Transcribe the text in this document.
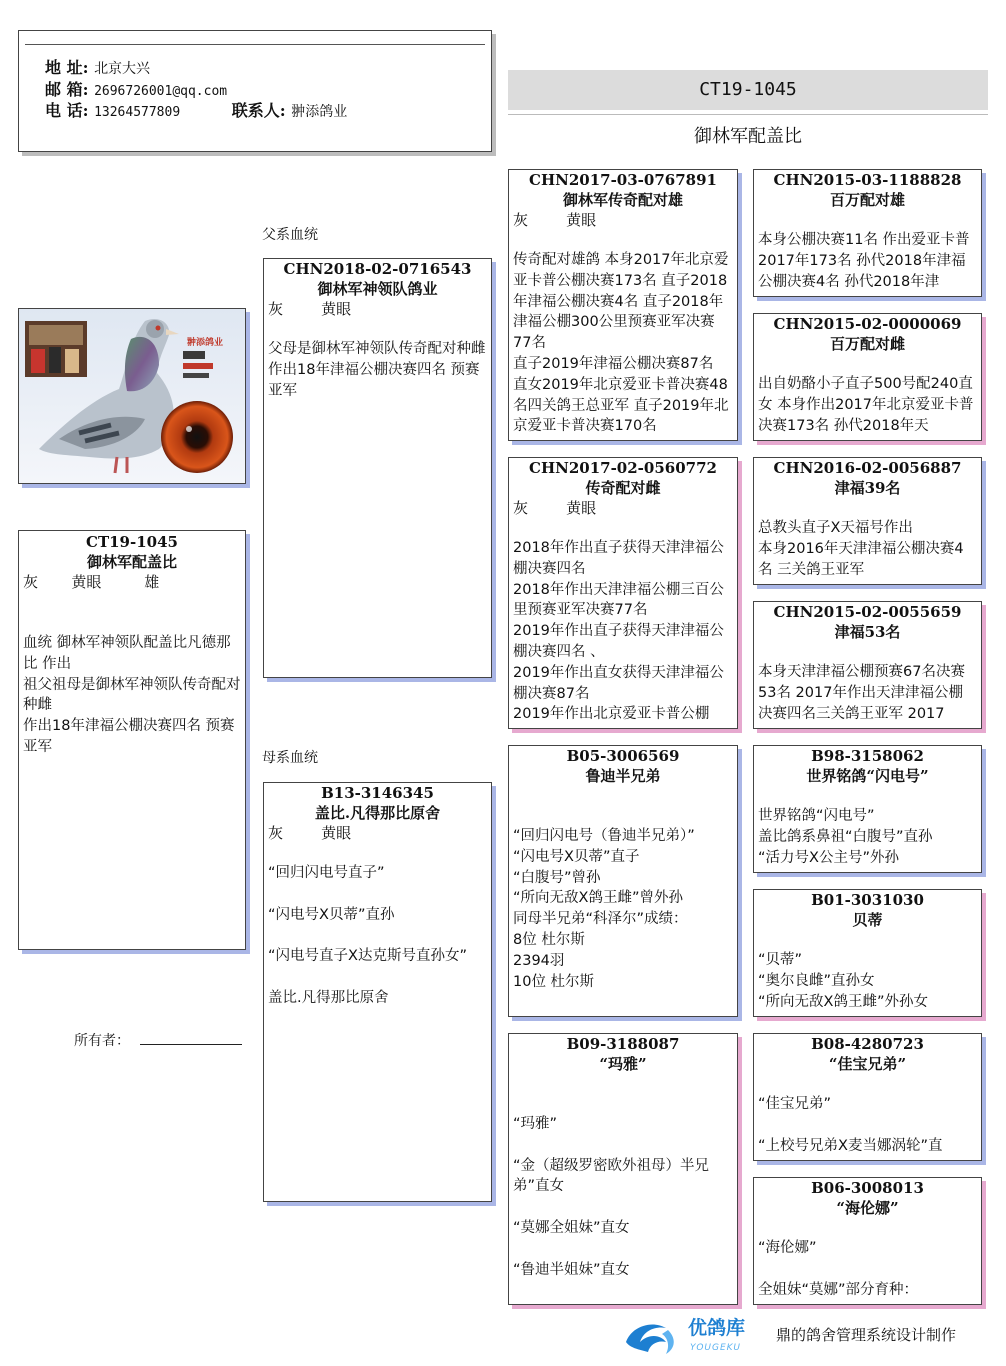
地 址: 北京大兴
邮 箱: 2696726001@qq.com
电 话: 13264577809	联系人: 翀添鸽业
CT19-1045
御林军配盖比
翀添鸽业
CT19-1045
御林军配盖比
灰       黄眼         雄
血统 御林军神领队配盖比凡德那比 作出
祖父祖母是御林军神领队传奇配对种雌
作出18年津福公棚决赛四名 预赛亚军
所有者：
父系血统
母系血统
CHN2018-02-0716543
御林军神领队鸽业
灰        黄眼
父母是御林军神领队传奇配对种雌
作出18年津福公棚决赛四名 预赛亚军
B13-3146345
盖比.凡得那比原舍
灰        黄眼
“回归闪电号直子”

“闪电号X贝蒂”直孙

“闪电号直子X达克斯号直孙女”

盖比.凡得那比原舍
CHN2017-03-0767891
御林军传奇配对雄
灰        黄眼
传奇配对雄鸽 本身2017年北京爱亚卡普公棚决赛173名 直子2018年津福公棚决赛4名 直子2018年津福公棚300公里预赛亚军决赛77名
直子2019年津福公棚决赛87名
直女2019年北京爱亚卡普决赛48名四关鸽王总亚军 直子2019年北京爱亚卡普决赛170名
CHN2017-02-0560772
传奇配对雌
灰        黄眼
2018年作出直子获得天津津福公棚决赛四名
2018年作出天津津福公棚三百公里预赛亚军决赛77名
2019年作出直子获得天津津福公棚决赛四名 、
2019年作出直女获得天津津福公棚决赛87名
2019年作出北京爱亚卡普公棚
B05-3006569
鲁迪半兄弟
“回归闪电号（鲁迪半兄弟）”
“闪电号X贝蒂”直子
“白腹号”曾孙
“所向无敌X鸽王雌”曾外孙
同母半兄弟“科泽尔”成绩：
8位 杜尔斯
2394羽
10位 杜尔斯
B09-3188087
“玛雅”
“玛雅”

“金（超级罗密欧外祖母）半兄弟”直女

“莫娜全姐妹”直女

“鲁迪半姐妹”直女
CHN2015-03-1188828
百万配对雄
本身公棚决赛11名 作出爱亚卡普2017年173名 孙代2018年津福公棚决赛4名 孙代2018年津
CHN2015-02-0000069
百万配对雌
出自奶酪小子直子500号配240直女 本身作出2017年北京爱亚卡普决赛173名 孙代2018年天
CHN2016-02-0056887
津福39名
总教头直子X天福号作出
本身2016年天津津福公棚决赛4名 三关鸽王亚军
CHN2015-02-0055659
津福53名
本身天津津福公棚预赛67名决赛53名 2017年作出天津津福公棚决赛四名三关鸽王亚军 2017
B98-3158062
世界铭鸽“闪电号”
世界铭鸽“闪电号”
盖比鸽系鼻祖“白腹号”直孙
“活力号X公主号”外孙
B01-3031030
贝蒂
“贝蒂”
“奥尔良雌”直孙女
“所向无敌X鸽王雌”外孙女
B08-4280723
“佳宝兄弟”
“佳宝兄弟”

“上校号兄弟X麦当娜涡轮”直
B06-3008013
“海伦娜”
“海伦娜”

全姐妹“莫娜”部分育种：
优鸽库
YOUGEKU
鼎的鸽舍管理系统设计制作
